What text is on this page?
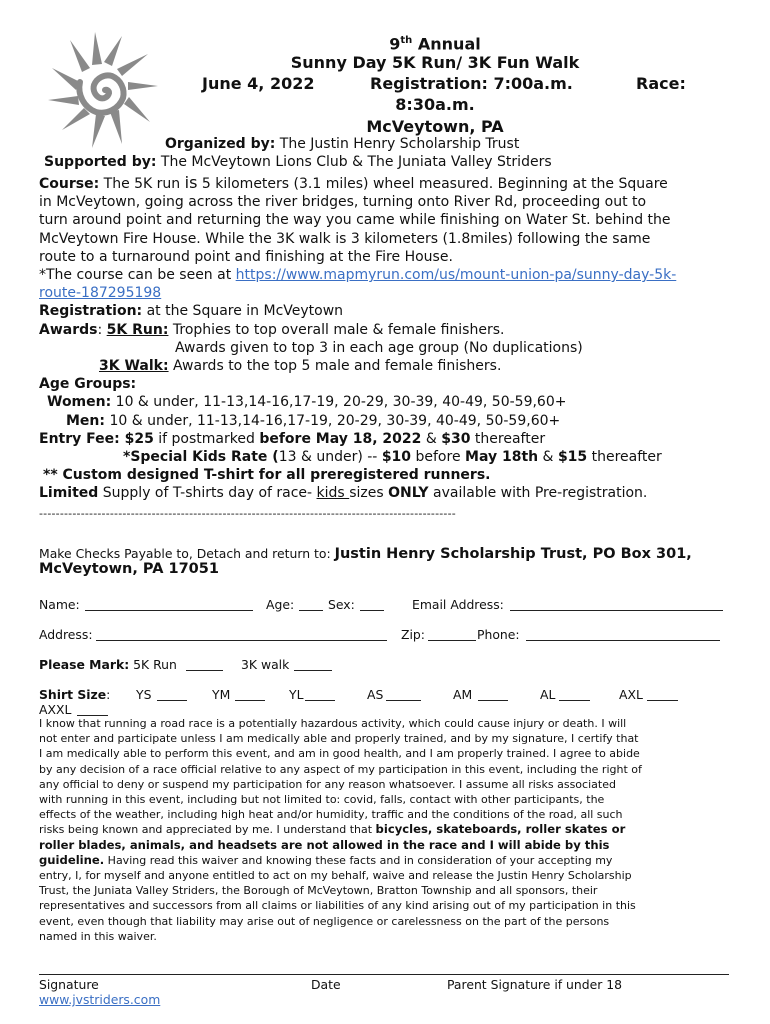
9th Annual
Sunny Day 5K Run/ 3K Fun Walk
June 4, 2022	Registration: 7:00a.m.	Race:
8:30a.m.
McVeytown, PA
Organized by: The Justin Henry Scholarship Trust
Supported by: The McVeytown Lions Club & The Juniata Valley Striders
Course: The 5K run is 5 kilometers (3.1 miles) wheel measured. Beginning at the Square
in McVeytown, going across the river bridges, turning onto River Rd, proceeding out to
turn around point and returning the way you came while finishing on Water St. behind the
McVeytown Fire House. While the 3K walk is 3 kilometers (1.8miles) following the same
route to a turnaround point and finishing at the Fire House.
*The course can be seen at https://www.mapmyrun.com/us/mount-union-pa/sunny-day-5k-
route-187295198
Registration: at the Square in McVeytown
Awards: 5K Run: Trophies to top overall male & female finishers.
Awards given to top 3 in each age group (No duplications)
3K Walk: Awards to the top 5 male and female finishers.
Age Groups:
Women: 10 & under, 11-13,14-16,17-19, 20-29, 30-39, 40-49, 50-59,60+
Men: 10 & under, 11-13,14-16,17-19, 20-29, 30-39, 40-49, 50-59,60+
Entry Fee: $25 if postmarked before May 18, 2022 & $30 thereafter
*Special Kids Rate (13 & under) -- $10 before May 18th & $15 thereafter
** Custom designed T-shirt for all preregistered runners.
Limited Supply of T-shirts day of race- kids sizes ONLY available with Pre-registration.
----------------------------------------------------------------------------------------------------
Make Checks Payable to, Detach and return to: Justin Henry Scholarship Trust, PO Box 301,
McVeytown, PA 17051
Name:	Age:	Sex:	Email Address:
Address:	Zip:	Phone:
Please Mark: 5K Run	3K walk
Shirt Size: YS	YM	YL	AS	AM	AL	AXL
AXXL
I know that running a road race is a potentially hazardous activity, which could cause injury or death. I will
not enter and participate unless I am medically able and properly trained, and by my signature, I certify that
I am medically able to perform this event, and am in good health, and I am properly trained. I agree to abide
by any decision of a race official relative to any aspect of my participation in this event, including the right of
any official to deny or suspend my participation for any reason whatsoever. I assume all risks associated
with running in this event, including but not limited to: covid, falls, contact with other participants, the
effects of the weather, including high heat and/or humidity, traffic and the conditions of the road, all such
risks being known and appreciated by me. I understand that bicycles, skateboards, roller skates or
roller blades, animals, and headsets are not allowed in the race and I will abide by this
guideline. Having read this waiver and knowing these facts and in consideration of your accepting my
entry, I, for myself and anyone entitled to act on my behalf, waive and release the Justin Henry Scholarship
Trust, the Juniata Valley Striders, the Borough of McVeytown, Bratton Township and all sponsors, their
representatives and successors from all claims or liabilities of any kind arising out of my participation in this
event, even though that liability may arise out of negligence or carelessness on the part of the persons
named in this waiver.
Signature	Date	Parent Signature if under 18
www.jvstriders.com
